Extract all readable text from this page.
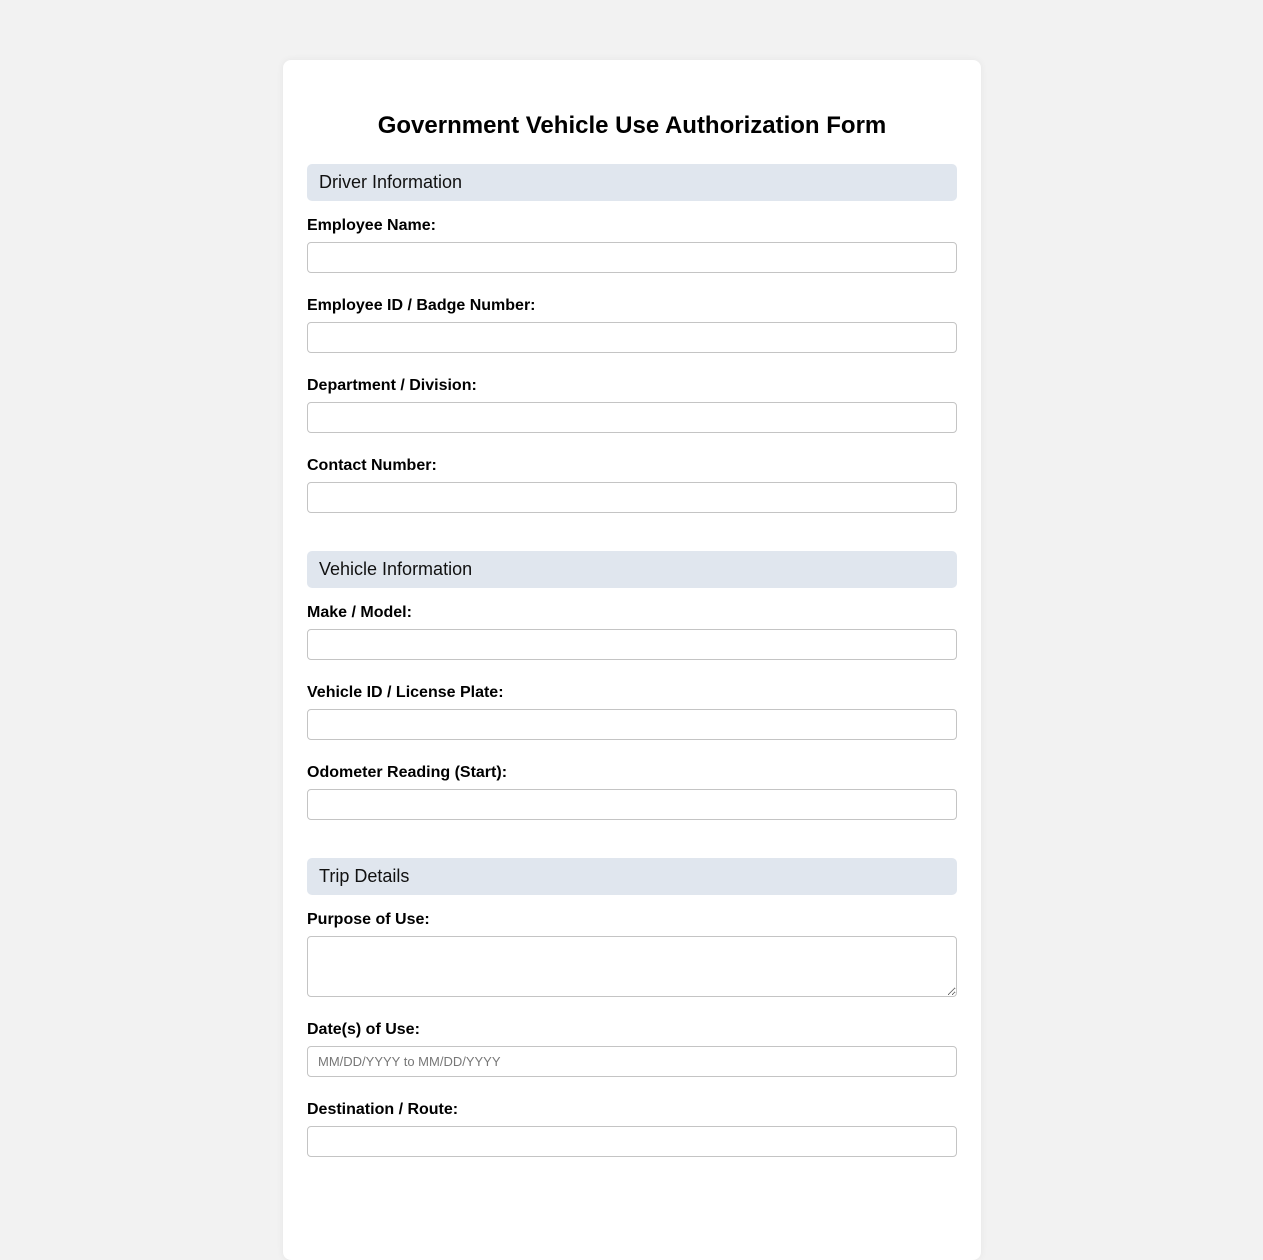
Government Vehicle Use Authorization Form
Driver Information
Employee Name:
Employee ID / Badge Number:
Department / Division:
Contact Number:
Vehicle Information
Make / Model:
Vehicle ID / License Plate:
Odometer Reading (Start):
Trip Details
Purpose of Use:
Date(s) of Use:
MM/DD/YYYY to MM/DD/YYYY
Destination / Route:
